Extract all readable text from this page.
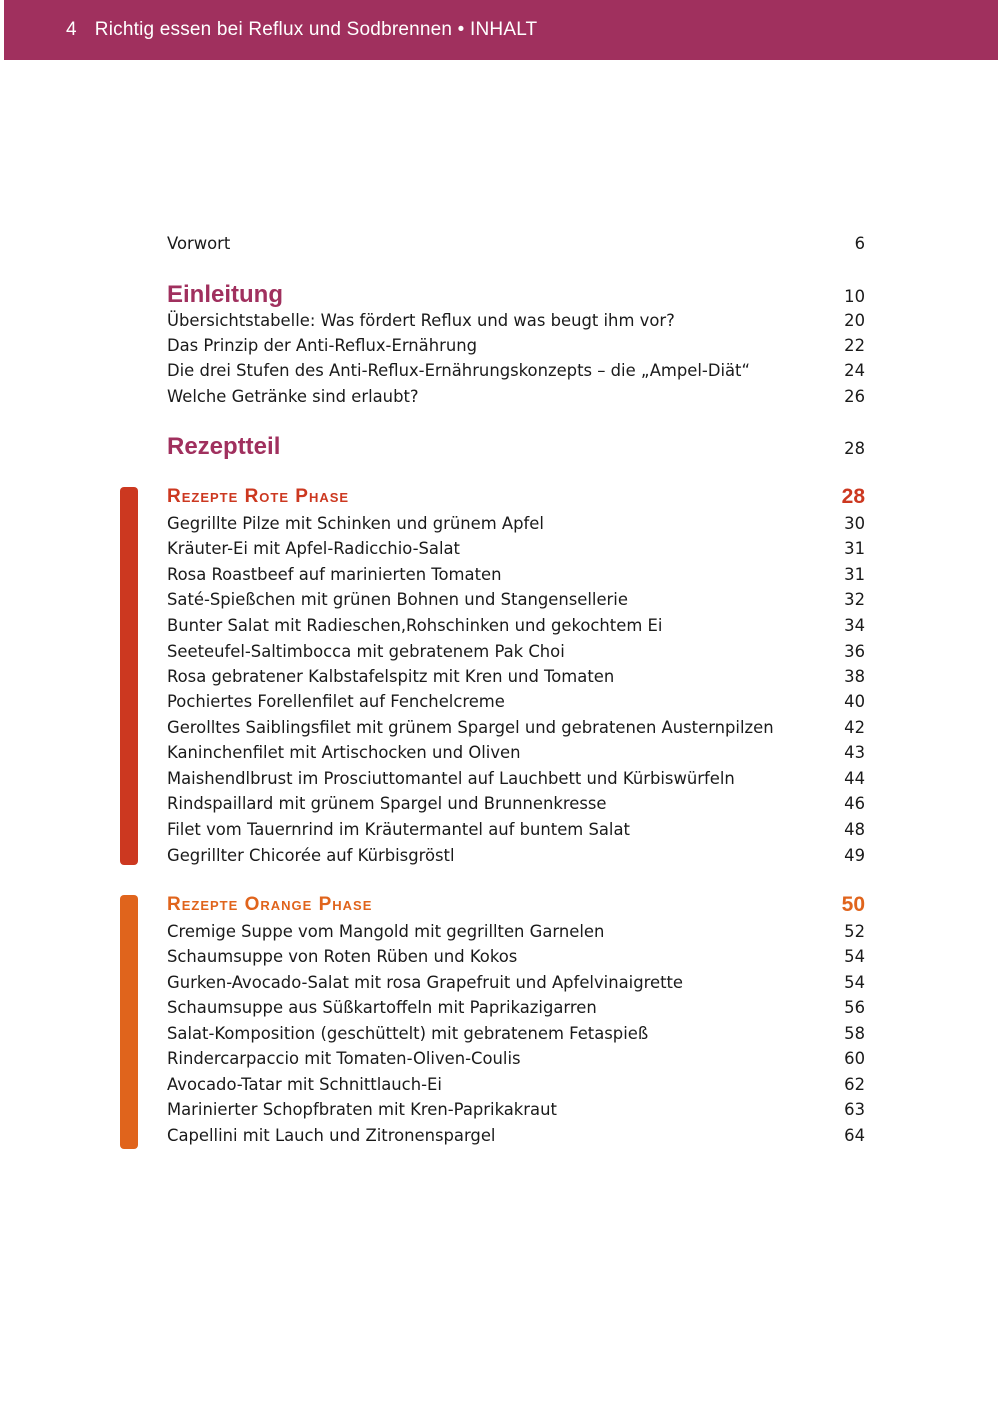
4 Richtig essen bei Reflux und Sodbrennen • INHALT
Vorwort	6
Einleitung	10
Übersichtstabelle: Was fördert Reflux und was beugt ihm vor?	20
Das Prinzip der Anti-Reflux-Ernährung	22
Die drei Stufen des Anti-Reflux-Ernährungskonzepts – die „Ampel-Diät“	24
Welche Getränke sind erlaubt?	26
Rezeptteil	28
Rezepte Rote Phase	28
Gegrillte Pilze mit Schinken und grünem Apfel	30
Kräuter-Ei mit Apfel-Radicchio-Salat	31
Rosa Roastbeef auf marinierten Tomaten	31
Saté-Spießchen mit grünen Bohnen und Stangensellerie	32
Bunter Salat mit Radieschen,Rohschinken und gekochtem Ei	34
Seeteufel-Saltimbocca mit gebratenem Pak Choi	36
Rosa gebratener Kalbstafelspitz mit Kren und Tomaten	38
Pochiertes Forellenfilet auf Fenchelcreme	40
Gerolltes Saiblingsfilet mit grünem Spargel und gebratenen Austernpilzen	42
Kaninchenfilet mit Artischocken und Oliven	43
Maishendlbrust im Prosciuttomantel auf Lauchbett und Kürbiswürfeln	44
Rindspaillard mit grünem Spargel und Brunnenkresse	46
Filet vom Tauernrind im Kräutermantel auf buntem Salat	48
Gegrillter Chicorée auf Kürbisgröstl	49
Rezepte Orange Phase	50
Cremige Suppe vom Mangold mit gegrillten Garnelen	52
Schaumsuppe von Roten Rüben und Kokos	54
Gurken-Avocado-Salat mit rosa Grapefruit und Apfelvinaigrette	54
Schaumsuppe aus Süßkartoffeln mit Paprikazigarren	56
Salat-Komposition (geschüttelt) mit gebratenem Fetaspieß	58
Rindercarpaccio mit Tomaten-Oliven-Coulis	60
Avocado-Tatar mit Schnittlauch-Ei	62
Marinierter Schopfbraten mit Kren-Paprikakraut	63
Capellini mit Lauch und Zitronenspargel	64
